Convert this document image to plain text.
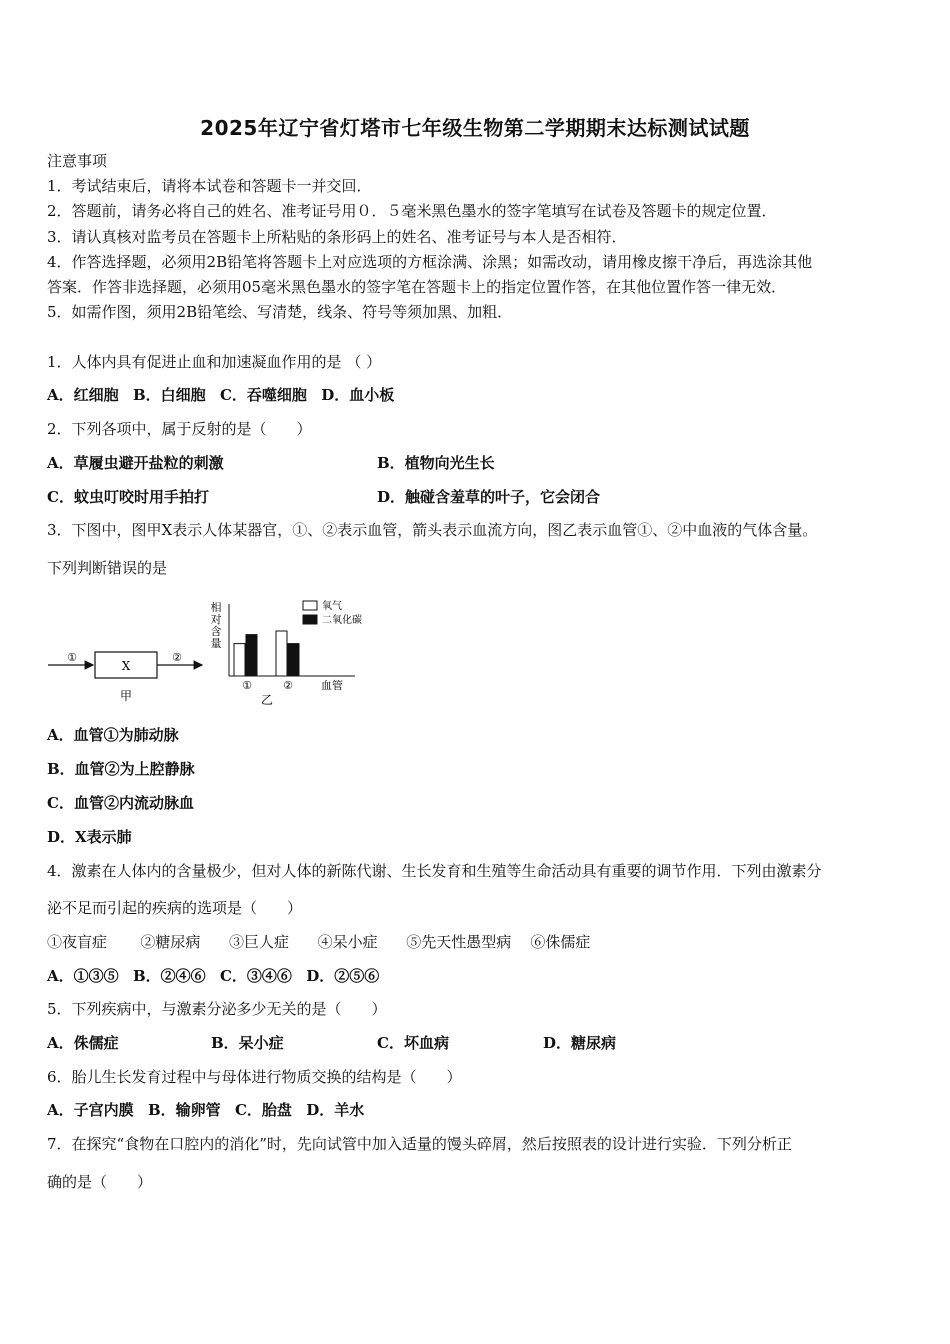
2025年辽宁省灯塔市七年级生物第二学期期末达标测试试题
注意事项
1．考试结束后，请将本试卷和答题卡一并交回．
2．答题前，请务必将自己的姓名、准考证号用０．５毫米黑色墨水的签字笔填写在试卷及答题卡的规定位置．
3．请认真核对监考员在答题卡上所粘贴的条形码上的姓名、准考证号与本人是否相符．
4．作答选择题，必须用2B铅笔将答题卡上对应选项的方框涂满、涂黑；如需改动，请用橡皮擦干净后，再选涂其他
答案．作答非选择题，必须用05毫米黑色墨水的签字笔在答题卡上的指定位置作答，在其他位置作答一律无效．
5．如需作图，须用2B铅笔绘、写清楚，线条、符号等须加黑、加粗．
1．人体内具有促进止血和加速凝血作用的是 （ ）
A．红细胞 B．白细胞 C．吞噬细胞 D．血小板
2．下列各项中，属于反射的是（　　）
A．草履虫避开盐粒的刺激	B．植物向光生长
C．蚊虫叮咬时用手拍打	D．触碰含羞草的叶子，它会闭合
3．下图中，图甲X表示人体某器官，①、②表示血管，箭头表示血流方向，图乙表示血管①、②中血液的气体含量。
下列判断错误的是
①
X
②
甲
相
对
含
量
氧气
二氧化碳
①	②	血管
乙
A．血管①为肺动脉
B．血管②为上腔静脉
C．血管②内流动脉血
D．X表示肺
4．激素在人体内的含量极少，但对人体的新陈代谢、生长发育和生殖等生命活动具有重要的调节作用．下列由激素分
泌不足而引起的疾病的选项是（　　）
①夜盲症 ②糖尿病 ③巨人症 ④呆小症 ⑤先天性愚型病 ⑥侏儒症
A．①③⑤ B．②④⑥ C．③④⑥ D．②⑤⑥
5．下列疾病中，与激素分泌多少无关的是（　　）
A．侏儒症	B．呆小症	C．坏血病	D．糖尿病
6．胎儿生长发育过程中与母体进行物质交换的结构是（　　）
A．子宫内膜 B．输卵管 C．胎盘 D．羊水
7．在探究“食物在口腔内的消化”时，先向试管中加入适量的馒头碎屑，然后按照表的设计进行实验．下列分析正
确的是（　　）
